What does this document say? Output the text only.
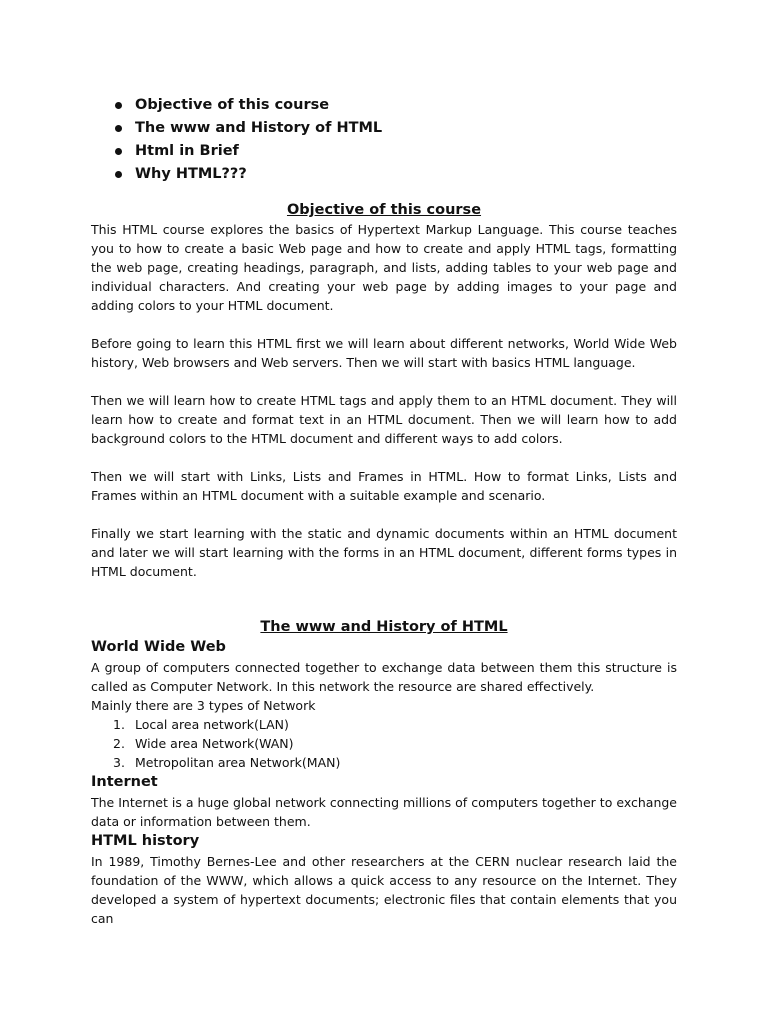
Objective of this course
The www and History of HTML
Html in Brief
Why HTML???
Objective of this course

This HTML course explores the basics of Hypertext Markup Language. This course teaches you to how to create a basic Web page and how to create and apply HTML tags, formatting the web page, creating headings, paragraph, and lists, adding tables to your web page and individual characters. And creating your web page by adding images to your page and adding colors to your HTML document.

Before going to learn this HTML first we will learn about different networks, World Wide Web history, Web browsers and Web servers. Then we will start with basics HTML language.

Then we will learn how to create HTML tags and apply them to an HTML document. They will learn how to create and format text in an HTML document. Then we will learn how to add background colors to the HTML document and different ways to add colors.

Then we will start with Links, Lists and Frames in HTML. How to format Links, Lists and Frames within an HTML document with a suitable example and scenario.

Finally we start learning with the static and dynamic documents within an HTML document and later we will start learning with the forms in an HTML document, different forms types in HTML document.

The www and History of HTML
World Wide Web

A group of computers connected together to exchange data between them this structure is called as Computer Network. In this network the resource are shared effectively.

Mainly there are 3 types of Network

1. Local area network(LAN)
2. Wide area Network(WAN)
3. Metropolitan area Network(MAN)
Internet

The Internet is a huge global network connecting millions of computers together to exchange data or information between them.

HTML history

In 1989, Timothy Bernes-Lee and other researchers at the CERN nuclear research laid the foundation of the WWW, which allows a quick access to any resource on the Internet. They developed a system of hypertext documents; electronic files that contain elements that you can
